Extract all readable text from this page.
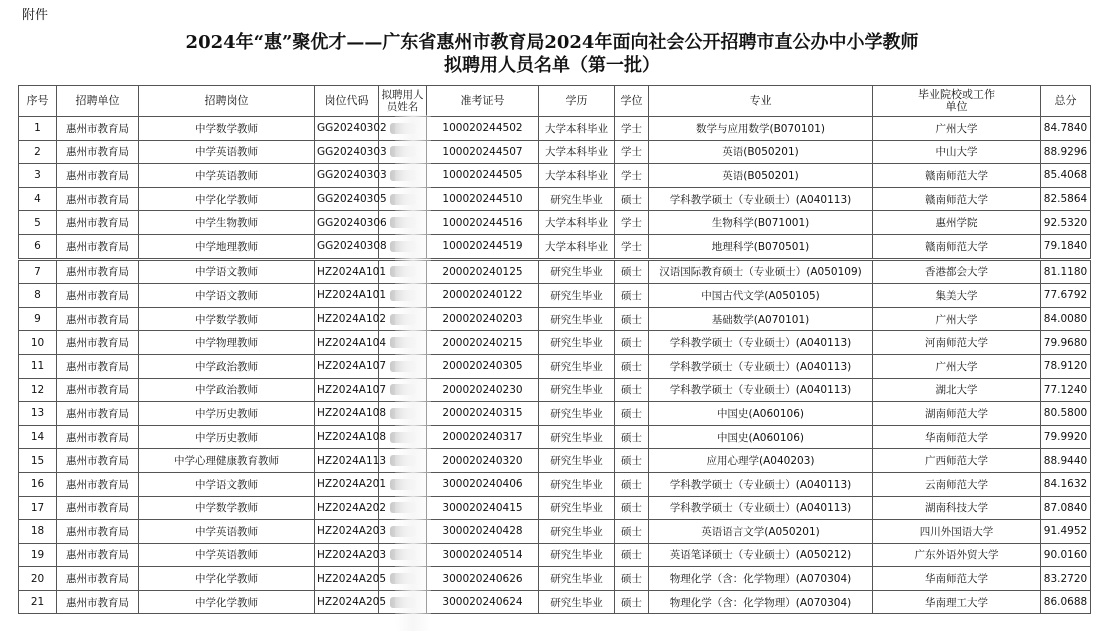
附件
2024年“惠”聚优才——广东省惠州市教育局2024年面向社会公开招聘市直公办中小学教师
拟聘用人员名单（第一批）
序号	招聘单位	招聘岗位	岗位代码	拟聘用人员姓名	准考证号	学历	学位	专业	毕业院校或工作单位	总分
1	惠州市教育局	中学数学教师	GG20240302		100020244502	大学本科毕业	学士	数学与应用数学(B070101)	广州大学	84.7840
2	惠州市教育局	中学英语教师	GG20240303		100020244507	大学本科毕业	学士	英语(B050201)	中山大学	88.9296
3	惠州市教育局	中学英语教师	GG20240303		100020244505	大学本科毕业	学士	英语(B050201)	赣南师范大学	85.4068
4	惠州市教育局	中学化学教师	GG20240305		100020244510	研究生毕业	硕士	学科教学硕士（专业硕士）(A040113)	赣南师范大学	82.5864
5	惠州市教育局	中学生物教师	GG20240306		100020244516	大学本科毕业	学士	生物科学(B071001)	惠州学院	92.5320
6	惠州市教育局	中学地理教师	GG20240308		100020244519	大学本科毕业	学士	地理科学(B070501)	赣南师范大学	79.1840
7	惠州市教育局	中学语文教师	HZ2024A101		200020240125	研究生毕业	硕士	汉语国际教育硕士（专业硕士）(A050109)	香港都会大学	81.1180
8	惠州市教育局	中学语文教师	HZ2024A101		200020240122	研究生毕业	硕士	中国古代文学(A050105)	集美大学	77.6792
9	惠州市教育局	中学数学教师	HZ2024A102		200020240203	研究生毕业	硕士	基础数学(A070101)	广州大学	84.0080
10	惠州市教育局	中学物理教师	HZ2024A104		200020240215	研究生毕业	硕士	学科教学硕士（专业硕士）(A040113)	河南师范大学	79.9680
11	惠州市教育局	中学政治教师	HZ2024A107		200020240305	研究生毕业	硕士	学科教学硕士（专业硕士）(A040113)	广州大学	78.9120
12	惠州市教育局	中学政治教师	HZ2024A107		200020240230	研究生毕业	硕士	学科教学硕士（专业硕士）(A040113)	湖北大学	77.1240
13	惠州市教育局	中学历史教师	HZ2024A108		200020240315	研究生毕业	硕士	中国史(A060106)	湖南师范大学	80.5800
14	惠州市教育局	中学历史教师	HZ2024A108		200020240317	研究生毕业	硕士	中国史(A060106)	华南师范大学	79.9920
15	惠州市教育局	中学心理健康教育教师	HZ2024A113		200020240320	研究生毕业	硕士	应用心理学(A040203)	广西师范大学	88.9440
16	惠州市教育局	中学语文教师	HZ2024A201		300020240406	研究生毕业	硕士	学科教学硕士（专业硕士）(A040113)	云南师范大学	84.1632
17	惠州市教育局	中学数学教师	HZ2024A202		300020240415	研究生毕业	硕士	学科教学硕士（专业硕士）(A040113)	湖南科技大学	87.0840
18	惠州市教育局	中学英语教师	HZ2024A203		300020240428	研究生毕业	硕士	英语语言文学(A050201)	四川外国语大学	91.4952
19	惠州市教育局	中学英语教师	HZ2024A203		300020240514	研究生毕业	硕士	英语笔译硕士（专业硕士）(A050212)	广东外语外贸大学	90.0160
20	惠州市教育局	中学化学教师	HZ2024A205		300020240626	研究生毕业	硕士	物理化学（含：化学物理）(A070304)	华南师范大学	83.2720
21	惠州市教育局	中学化学教师	HZ2024A205		300020240624	研究生毕业	硕士	物理化学（含：化学物理）(A070304)	华南理工大学	86.0688
